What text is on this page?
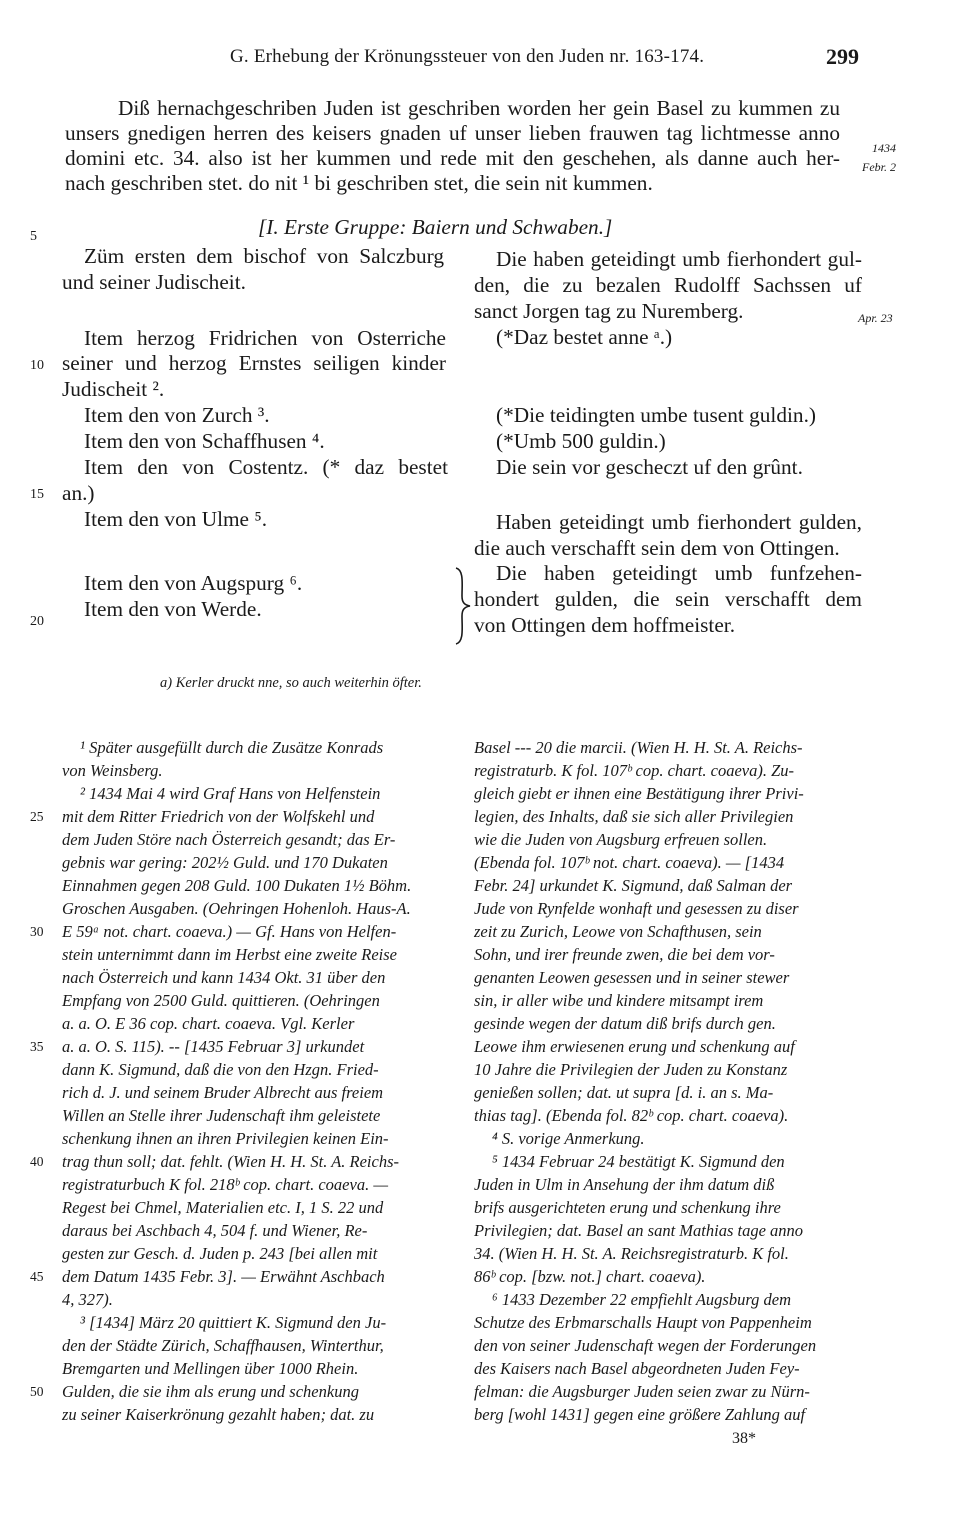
G. Erhebung der Krönungssteuer von den Juden nr. 163-174.	299
Diß hernachgeschriben Juden ist geschriben worden her gein Basel zu kummen zu
unsers gnedigen herren des keisers gnaden uf unser lieben frauwen tag lichtmesse anno
domini etc. 34. also ist her kummen und rede mit den geschehen, als danne auch her-
nach geschriben stet. do nit ¹ bi geschriben stet, die sein nit kummen.
1434
Febr. 2
Apr. 23
[I. Erste Gruppe: Baiern und Schwaben.]
Züm ersten dem bischof von Salczburg
und seiner Judischeit.
Item herzog Fridrichen von Osterriche
seiner und herzog Ernstes seiligen kinder
Judischeit ².
Item den von Zurch ³.
Item den von Schaffhusen ⁴.
Item den von Costentz. (* daz bestet
an.)
Item den von Ulme ⁵.
Item den von Augspurg ⁶.
Item den von Werde.
Die haben geteidingt umb fierhondert gul-
den, die zu bezalen Rudolff Sachssen uf
sanct Jorgen tag zu Nuremberg.
(*Daz bestet anne ᵃ.)
(*Die teidingten umbe tusent guldin.)
(*Umb 500 guldin.)
Die sein vor gescheczt uf den grûnt.
Haben geteidingt umb fierhondert gulden,
die auch verschafft sein dem von Ottingen.
Die haben geteidingt umb funfzehen-
hondert gulden, die sein verschafft dem
von Ottingen dem hoffmeister.
5
10
15
20
a) Kerler druckt nne, so auch weiterhin öfter.
¹ Später ausgefüllt durch die Zusätze Konrads
von Weinsberg.
² 1434 Mai 4 wird Graf Hans von Helfenstein
mit dem Ritter Friedrich von der Wolfskehl und
dem Juden Störe nach Österreich gesandt; das Er-
gebnis war gering: 202½ Guld. und 170 Dukaten
Einnahmen gegen 208 Guld. 100 Dukaten 1½ Böhm.
Groschen Ausgaben. (Oehringen Hohenloh. Haus-A.
E 59ᵃ not. chart. coaeva.) — Gf. Hans von Helfen-
stein unternimmt dann im Herbst eine zweite Reise
nach Österreich und kann 1434 Okt. 31 über den
Empfang von 2500 Guld. quittieren. (Oehringen
a. a. O. E 36 cop. chart. coaeva. Vgl. Kerler
a. a. O. S. 115). -- [1435 Februar 3] urkundet
dann K. Sigmund, daß die von den Hzgn. Fried-
rich d. J. und seinem Bruder Albrecht aus freiem
Willen an Stelle ihrer Judenschaft ihm geleistete
schenkung ihnen an ihren Privilegien keinen Ein-
trag thun soll; dat. fehlt. (Wien H. H. St. A. Reichs-
registraturbuch K fol. 218ᵇ cop. chart. coaeva. —
Regest bei Chmel, Materialien etc. I, 1 S. 22 und
daraus bei Aschbach 4, 504 f. und Wiener, Re-
gesten zur Gesch. d. Juden p. 243 [bei allen mit
dem Datum 1435 Febr. 3]. — Erwähnt Aschbach
4, 327).
³ [1434] März 20 quittiert K. Sigmund den Ju-
den der Städte Zürich, Schaffhausen, Winterthur,
Bremgarten und Mellingen über 1000 Rhein.
Gulden, die sie ihm als erung und schenkung
zu seiner Kaiserkrönung gezahlt haben; dat. zu
Basel --- 20 die marcii. (Wien H. H. St. A. Reichs-
registraturb. K fol. 107ᵇ cop. chart. coaeva). Zu-
gleich giebt er ihnen eine Bestätigung ihrer Privi-
legien, des Inhalts, daß sie sich aller Privilegien
wie die Juden von Augsburg erfreuen sollen.
(Ebenda fol. 107ᵇ not. chart. coaeva). — [1434
Febr. 24] urkundet K. Sigmund, daß Salman der
Jude von Rynfelde wonhaft und gesessen zu diser
zeit zu Zurich, Leowe von Schafthusen, sein
Sohn, und irer freunde zwen, die bei dem vor-
genanten Leowen gesessen und in seiner stewer
sin, ir aller wibe und kindere mitsampt irem
gesinde wegen der datum diß brifs durch gen.
Leowe ihm erwiesenen erung und schenkung auf
10 Jahre die Privilegien der Juden zu Konstanz
genießen sollen; dat. ut supra [d. i. an s. Ma-
thias tag]. (Ebenda fol. 82ᵇ cop. chart. coaeva).
⁴ S. vorige Anmerkung.
⁵ 1434 Februar 24 bestätigt K. Sigmund den
Juden in Ulm in Ansehung der ihm datum diß
brifs ausgerichteten erung und schenkung ihre
Privilegien; dat. Basel an sant Mathias tage anno
34. (Wien H. H. St. A. Reichsregistraturb. K fol.
86ᵇ cop. [bzw. not.] chart. coaeva).
⁶ 1433 Dezember 22 empfiehlt Augsburg dem
Schutze des Erbmarschalls Haupt von Pappenheim
den von seiner Judenschaft wegen der Forderungen
des Kaisers nach Basel abgeordneten Juden Fey-
felman: die Augsburger Juden seien zwar zu Nürn-
berg [wohl 1431] gegen eine größere Zahlung auf
25
30
35
40
45
50
38*
